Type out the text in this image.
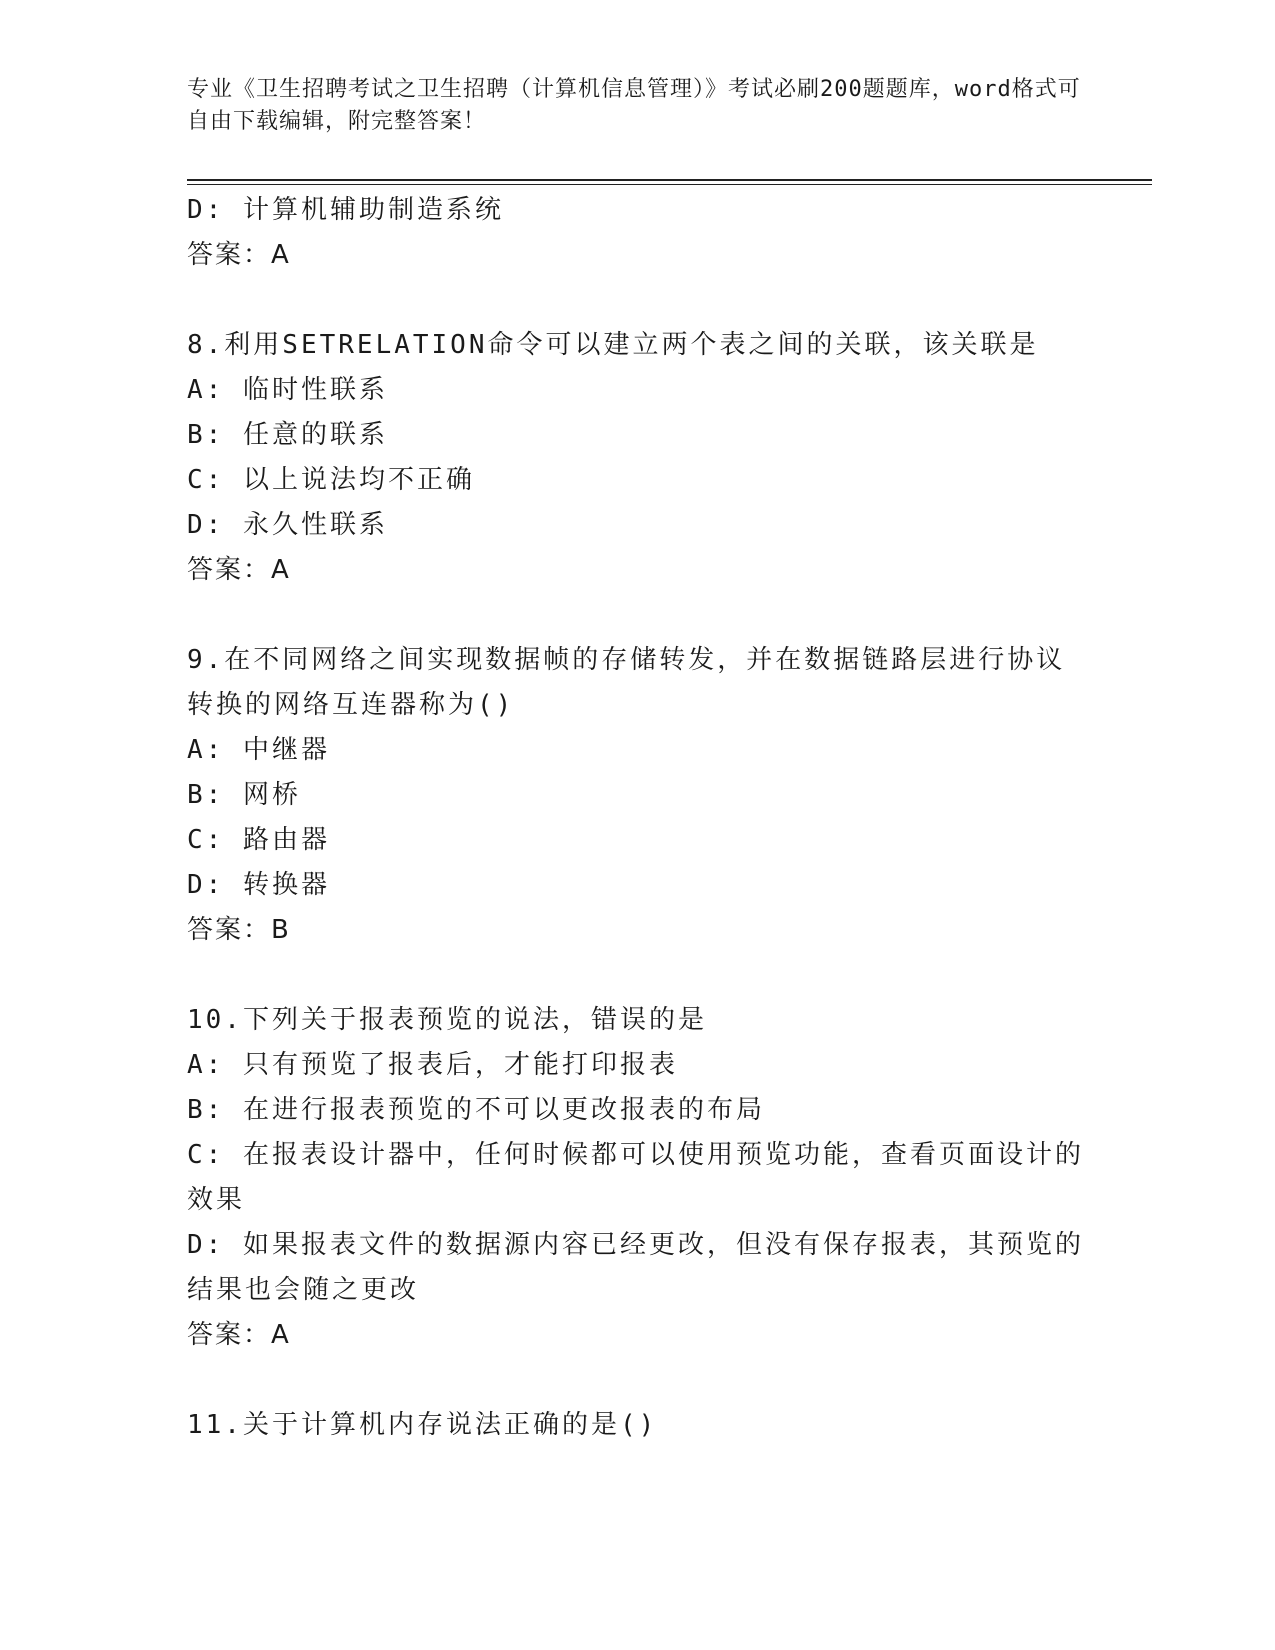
专业《卫生招聘考试之卫生招聘（计算机信息管理）》考试必刷200题题库，word格式可自由下载编辑，附完整答案！
D: 计算机辅助制造系统
答案：A
8.利用SETRELATION命令可以建立两个表之间的关联，该关联是
A: 临时性联系
B: 任意的联系
C: 以上说法均不正确
D: 永久性联系
答案：A
9.在不同网络之间实现数据帧的存储转发，并在数据链路层进行协议
转换的网络互连器称为()
A: 中继器
B: 网桥
C: 路由器
D: 转换器
答案：B
10.下列关于报表预览的说法，错误的是
A: 只有预览了报表后，才能打印报表
B: 在进行报表预览的不可以更改报表的布局
C: 在报表设计器中，任何时候都可以使用预览功能，查看页面设计的
效果
D: 如果报表文件的数据源内容已经更改，但没有保存报表，其预览的
结果也会随之更改
答案：A
11.关于计算机内存说法正确的是()
